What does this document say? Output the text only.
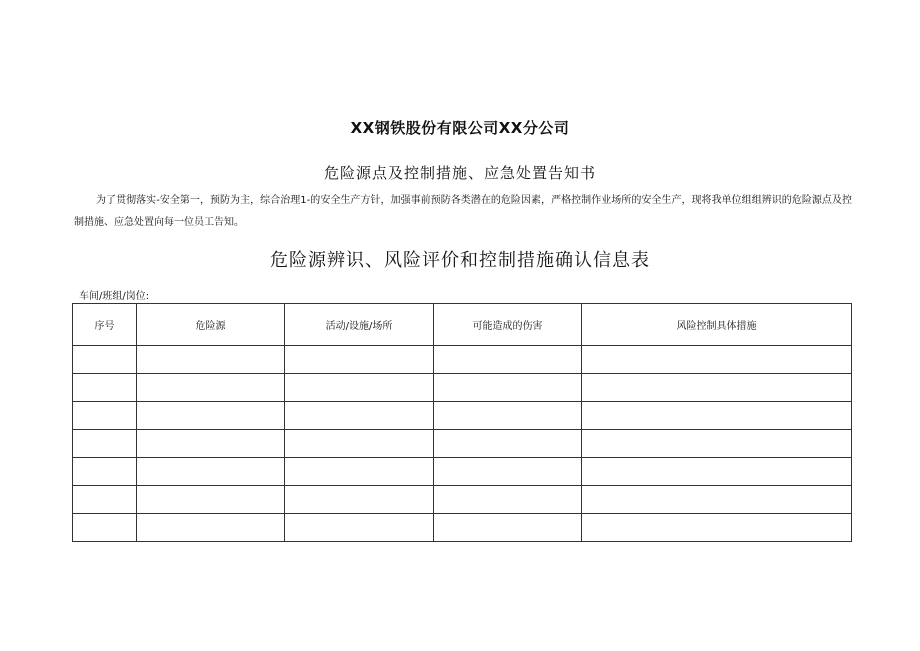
XX钢铁股份有限公司XX分公司
危险源点及控制措施、应急处置告知书
为了贯彻落实-安全第一，预防为主，综合治理1-的安全生产方针，加强事前预防各类潜在的危险因素，严格控制作业场所的安全生产，现将我单位组组辨识的危险源点及控制措施、应急处置向每一位员工告知。
危险源辨识、风险评价和控制措施确认信息表
车间/班组/岗位:
序号	危险源	活动/设施/场所	可能造成的伤害	风险控制具体措施
